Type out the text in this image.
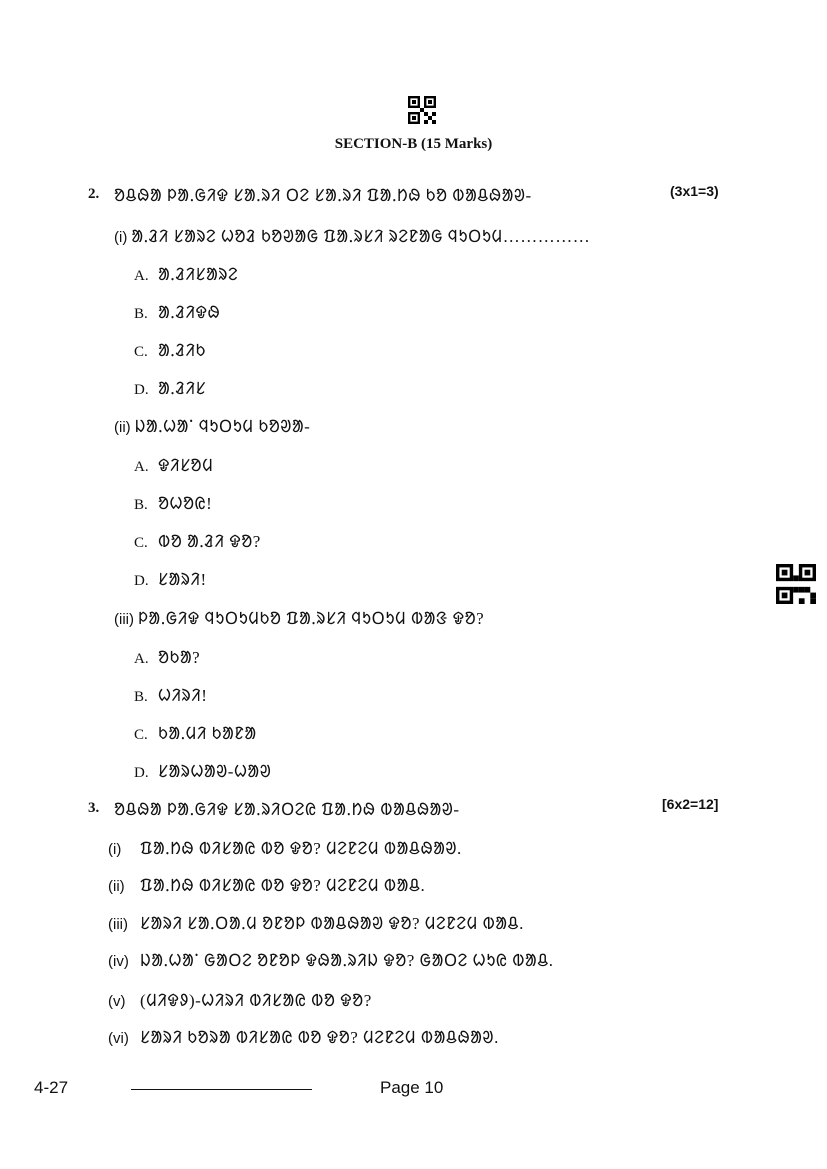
SECTION-B (15 Marks)
2. ᱚᱪᱷᱟ ᱞᱟᱹᱜᱤᱫ ᱥᱟᱹᱨᱤ ᱛᱮ ᱥᱟᱹᱨᱤ ᱯᱟᱹᱴᱷ ᱠᱚ ᱵᱟᱪᱷᱟᱣ-	(3x1=3)
(i) ᱟᱹᱲᱤ ᱥᱟᱨᱮ ᱦᱚᱲ ᱠᱚᱣᱟᱜ ᱯᱟᱹᱨᱥᱤ ᱨᱮᱱᱟᱜ ᱧᱩᱛᱩᱢ……………
A. ᱟᱹᱲᱤᱥᱟᱨᱮ
B. ᱟᱹᱲᱤᱫᱷ
C. ᱟᱹᱲᱤᱠ
D. ᱟᱹᱲᱤᱥ
(ii) ᱡᱟᱹᱦᱟᱸ ᱧᱩᱛᱩᱢ ᱠᱚᱣᱟ-
A. ᱫᱤᱥᱚᱢ
B. ᱚᱦᱚᱭ!
C. ᱵᱚ ᱟᱹᱲᱤ ᱫᱚ?
D. ᱥᱟᱨᱤ!
(iii) ᱞᱟᱹᱜᱤᱫ ᱧᱩᱛᱩᱢᱠᱚ ᱯᱟᱹᱨᱥᱤ ᱧᱩᱛᱩᱢ ᱵᱟᱝ ᱫᱚ?
A. ᱚᱠᱟ?
B. ᱦᱤᱨᱤ!
C. ᱠᱟᱹᱢᱤ ᱠᱟᱱᱟ
D. ᱥᱟᱨᱦᱟᱣ-ᱦᱟᱣ
3. ᱚᱪᱷᱟ ᱞᱟᱹᱜᱤᱫ ᱥᱟᱹᱨᱤᱛᱮᱭ ᱯᱟᱹᱴᱷ ᱵᱟᱪᱷᱟᱣ-	[6x2=12]
(i) ᱯᱟᱹᱴᱷ ᱵᱤᱥᱟᱭ ᱵᱚ ᱫᱚ? ᱢᱮᱱᱮᱢ ᱵᱟᱪᱷᱟᱣ.
(ii) ᱯᱟᱹᱴᱷ ᱵᱤᱥᱟᱭ ᱵᱚ ᱫᱚ? ᱢᱮᱱᱮᱢ ᱵᱟᱪ.
(iii) ᱥᱟᱨᱤ ᱥᱟᱹᱛᱟᱹᱢ ᱚᱱᱚᱞ ᱵᱟᱪᱷᱟᱣ ᱫᱚ? ᱢᱮᱱᱮᱢ ᱵᱟᱪ.
(iv) ᱡᱟᱹᱦᱟᱸ ᱜᱟᱛᱮ ᱚᱱᱚᱞ ᱫᱷᱟᱹᱨᱤᱡ ᱫᱚ? ᱜᱟᱛᱮ ᱦᱩᱭ ᱵᱟᱪ.
(v) (ᱢᱤᱫᱽ)-ᱦᱤᱨᱤ ᱵᱤᱥᱟᱭ ᱵᱚ ᱫᱚ?
(vi) ᱥᱟᱨᱤ ᱠᱚᱨᱟ ᱵᱤᱥᱟᱭ ᱵᱚ ᱫᱚ? ᱢᱮᱱᱮᱢ ᱵᱟᱪᱷᱟᱣ.
4-27	Page 10
